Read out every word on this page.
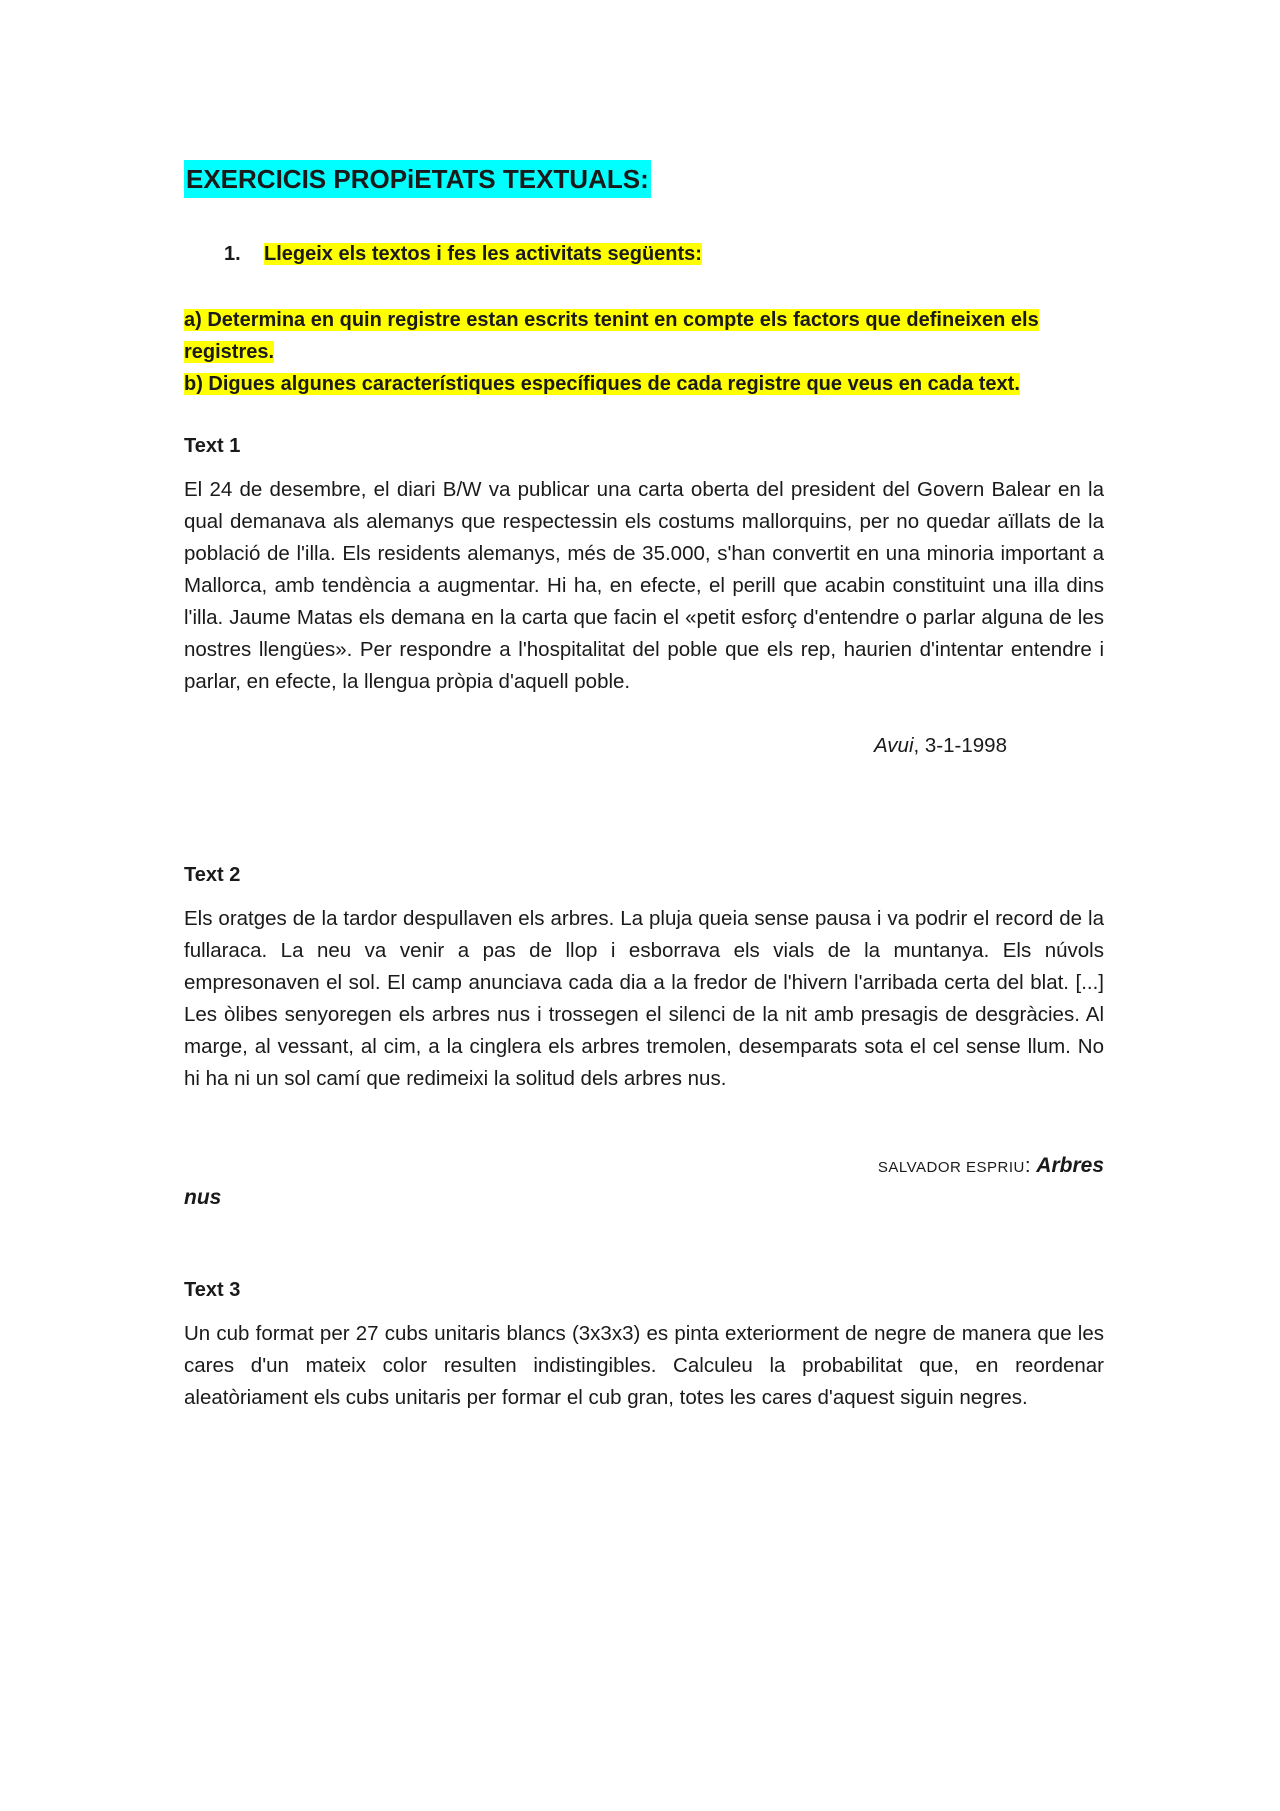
EXERCICIS PROPiETATS TEXTUALS:
1. Llegeix els textos i fes les activitats següents:
a) Determina en quin registre estan escrits tenint en compte els factors que defineixen els registres.
b) Digues algunes característiques específiques de cada registre que veus en cada text.
Text 1
El 24 de desembre, el diari B/W va publicar una carta oberta del president del Govern Balear en la qual demanava als alemanys que respectessin els costums mallorquins, per no quedar aïllats de la població de l'illa. Els residents alemanys, més de 35.000, s'han convertit en una minoria important a Mallorca, amb tendència a augmentar. Hi ha, en efecte, el perill que acabin constituint una illa dins l'illa. Jaume Matas els demana en la carta que facin el «petit esforç d'entendre o parlar alguna de les nostres llengües». Per respondre a l'hospitalitat del poble que els rep, haurien d'intentar entendre i parlar, en efecte, la llengua pròpia d'aquell poble.
Avui, 3-1-1998
Text 2
Els oratges de la tardor despullaven els arbres. La pluja queia sense pausa i va podrir el record de la fullaraca. La neu va venir a pas de llop i esborrava els vials de la muntanya. Els núvols empresonaven el sol. El camp anunciava cada dia a la fredor de l'hivern l'arribada certa del blat. [...] Les òlibes senyoregen els arbres nus i trossegen el silenci de la nit amb presagis de desgràcies. Al marge, al vessant, al cim, a la cinglera els arbres tremolen, desemparats sota el cel sense llum. No hi ha ni un sol camí que redimeixi la solitud dels arbres nus.
SALVADOR ESPRIU: Arbres
nus
Text 3
Un cub format per 27 cubs unitaris blancs (3x3x3) es pinta exteriorment de negre de manera que les cares d'un mateix color resulten indistingibles. Calculeu la probabilitat que, en reordenar aleatòriament els cubs unitaris per formar el cub gran, totes les cares d'aquest siguin negres.
